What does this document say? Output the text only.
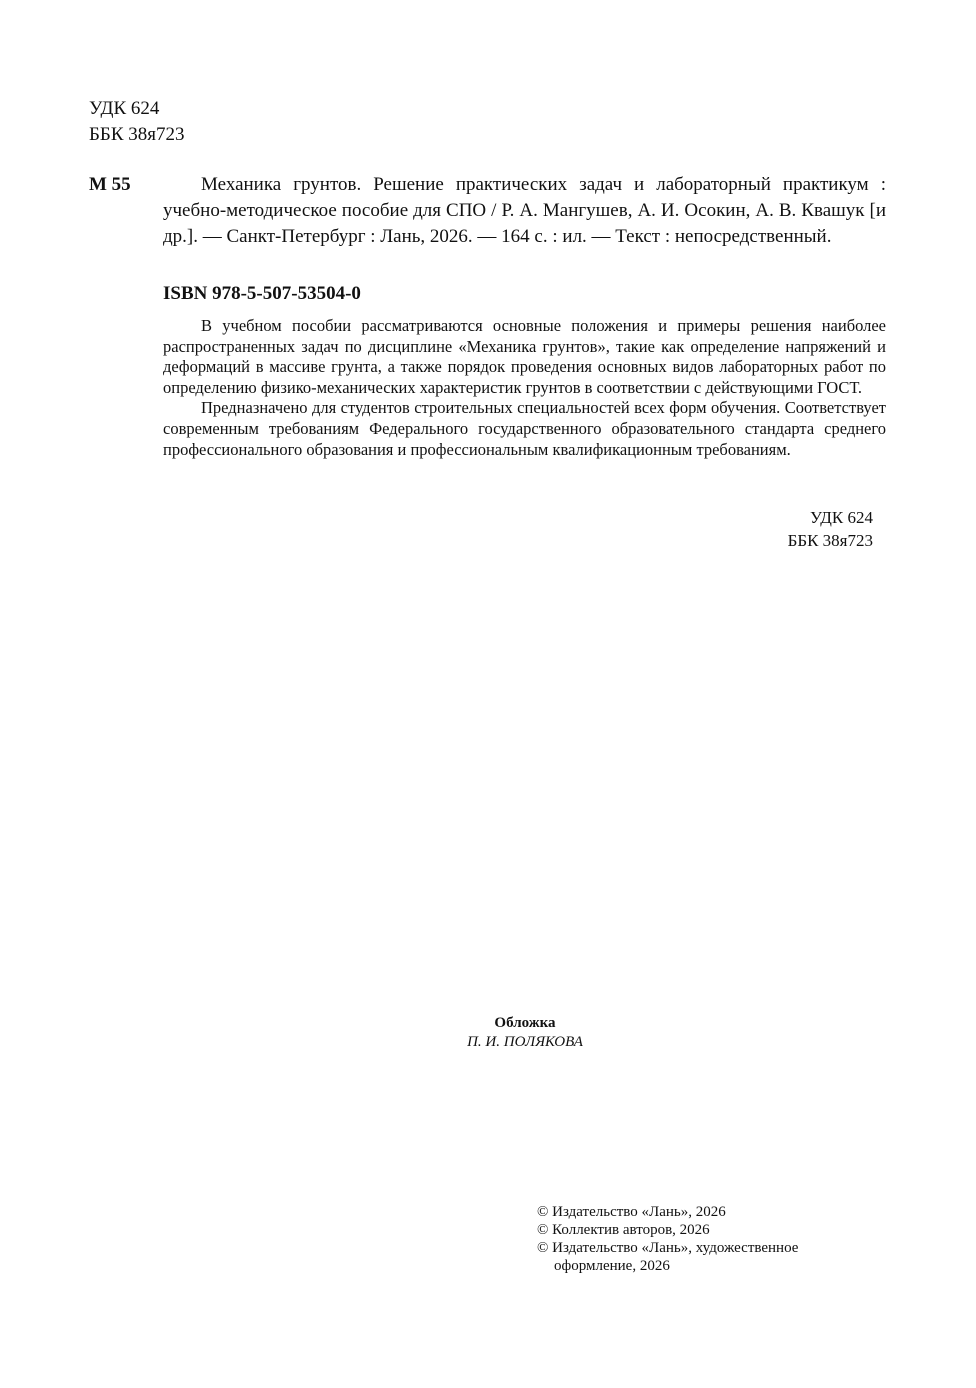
УДК 624
ББК 38я723
М 55	Механика грунтов. Решение практических задач и лабораторный практикум : учебно-методическое пособие для СПО / Р. А. Мангушев, А. И. Осокин, А. В. Квашук [и др.]. — Санкт-Петербург : Лань, 2026. — 164 с. : ил. — Текст : непосредственный.
ISBN 978-5-507-53504-0

В учебном пособии рассматриваются основные положения и примеры решения наиболее распространенных задач по дисциплине «Механика грунтов», такие как определение напряжений и деформаций в массиве грунта, а также порядок проведения основных видов лабораторных работ по определению физико-механических характеристик грунтов в соответствии с действующими ГОСТ.

Предназначено для студентов строительных специальностей всех форм обучения. Соответствует современным требованиям Федерального государственного образовательного стандарта среднего профессионального образования и профессиональным квалификационным требованиям.

УДК 624
ББК 38я723
Обложка
П. И. ПОЛЯКОВА
© Издательство «Лань», 2026
© Коллектив авторов, 2026
© Издательство «Лань», художественное
оформление, 2026
